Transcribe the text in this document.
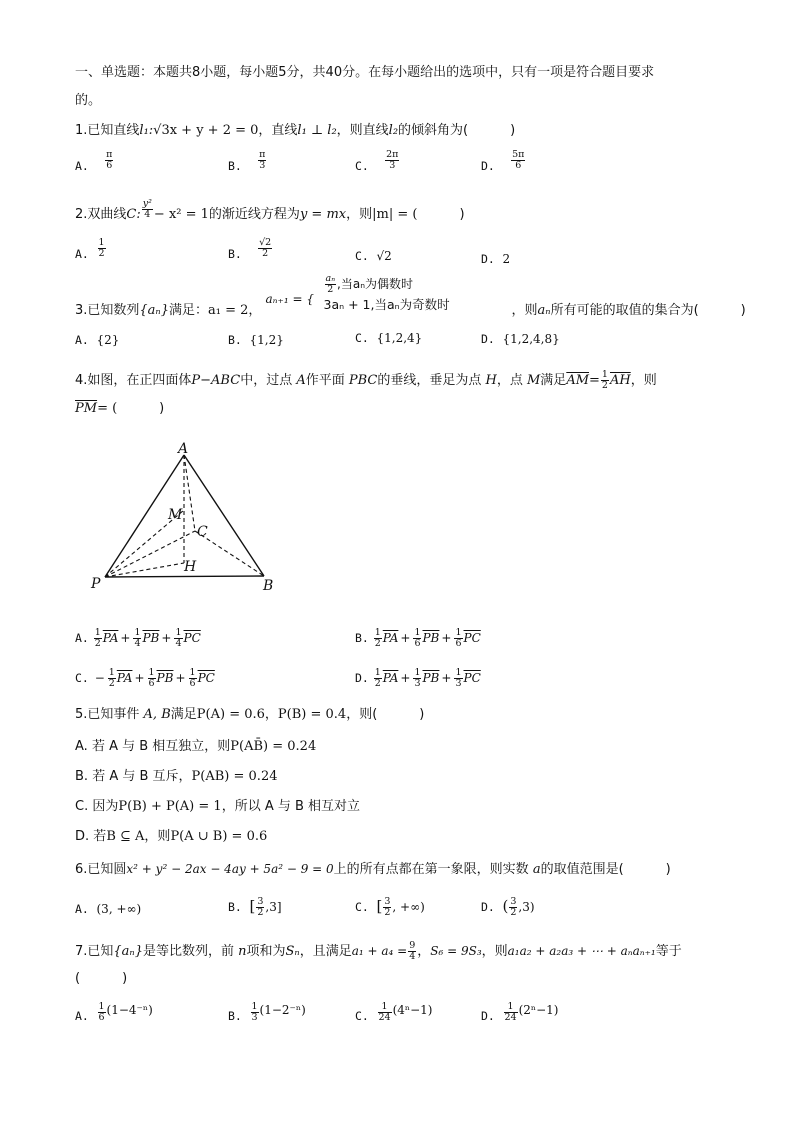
一、单选题：本题共8小题，每小题5分，共40分。在每小题给出的选项中，只有一项是符合题目要求
的。
1.已知直线l₁:√3x + y + 2 = 0，直线l₁ ⊥ l₂，则直线l₂的倾斜角为(	)
A. $\frac{\pi}{6}$	B. $\frac{\pi}{3}$	C. $\frac{2\pi}{3}$	D. $\frac{5\pi}{6}$
2.双曲线C: $\frac{\text{y²}}{4} - x^2 = 1$的渐近线方程为y = mx，则|m| = (	)
A. $\frac{1}{2}$	B. $\frac{√2}{2}$	C. √2	D. 2
3.已知数列{aₙ}满足：a₁ = 2，
aₙ₊₁ = {
$\frac{\text{aₙ}}{2}$ ,当aₙ为偶数时
3aₙ + 1,当aₙ为奇数时	，则aₙ所有可能的取值的集合为(	)
A. {2}	B. {1,2}	C. {1,2,4}	D. {1,2,4,8}
4.如图，在正四面体P−ABC中，过点 A作平面 PBC的垂线，垂足为点 H，点 M满足$\overline{AM}= \frac{1}{2} \overline{AH}$，则
$\overline{PM}=$ (	)
A
M
C
H
P	B
A. $\frac{1}{2} \overline{PA} + \frac{1}{4} \overline{PB} + \frac{1}{4} \overline{PC}$	B. $\frac{1}{2} \overline{PA} + \frac{1}{6} \overline{PB} + \frac{1}{6} \overline{PC}$
C. − $\frac{1}{2} \overline{PA} + \frac{1}{6} \overline{PB} + \frac{1}{6} \overline{PC}$	D. $\frac{1}{2} \overline{PA} + \frac{1}{3} \overline{PB} + \frac{1}{3} \overline{PC}$
5.已知事件 A, B满足P(A) = 0.6，P(B) = 0.4，则(	)
A. 若 A 与 B 相互独立，则P(AB̄) = 0.24
B. 若 A 与 B 互斥，P(AB) = 0.24
C. 因为P(B) + P(A) = 1，所以 A 与 B 相互对立
D. 若B ⊆ A，则P(A ∪ B) = 0.6
6.已知圆x² + y² − 2ax − 4ay + 5a² − 9 = 0上的所有点都在第一象限，则实数 a的取值范围是(	)
A. (3, +∞)	B. [ $\frac{3}{2} ,3$]	C. [ $\frac{3}{2}$ , +∞)	D. ( $\frac{3}{2} ,3$)
7.已知{aₙ}是等比数列，前 n项和为Sₙ，且满足$a_1 + a_4 = \frac{9}{4}$ ，S₆ = 9S₃，则a₁a₂ + a₂a₃ + ⋯ + aₙaₙ₊₁等于
(	)
A. $\frac{1}{6} (1-4^{-n})$	B. $\frac{1}{3} (1-2^{-n})$	C. $\frac{1}{24} (4^n-1)$	D. $\frac{1}{24} (2^n-1)$
